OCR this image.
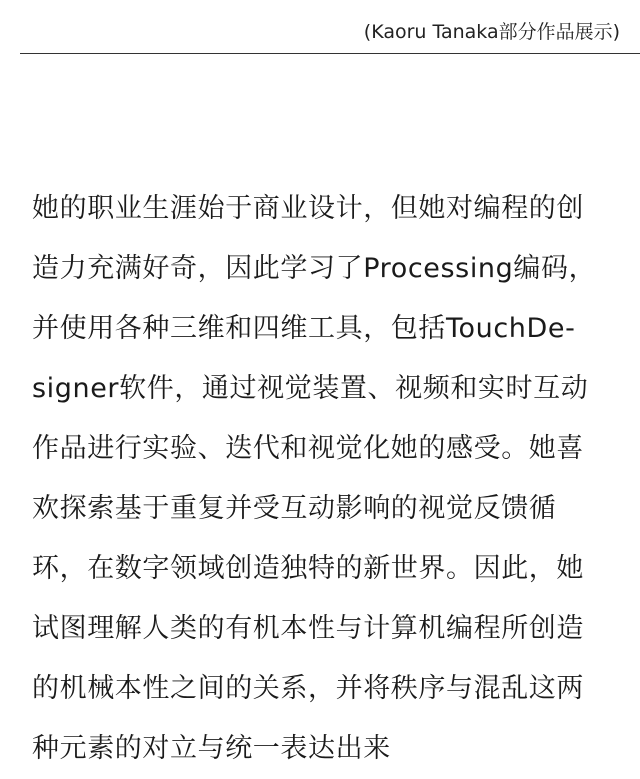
(Kaoru Tanaka部分作品展示)
她的职业生涯始于商业设计，但她对编程的创
造力充满好奇，因此学习了Processing编码，
并使用各种三维和四维工具，包括TouchDe-
signer软件，通过视觉装置、视频和实时互动
作品进行实验、迭代和视觉化她的感受。她喜
欢探索基于重复并受互动影响的视觉反馈循
环，在数字领域创造独特的新世界。因此，她
试图理解人类的有机本性与计算机编程所创造
的机械本性之间的关系，并将秩序与混乱这两
种元素的对立与统一表达出来
